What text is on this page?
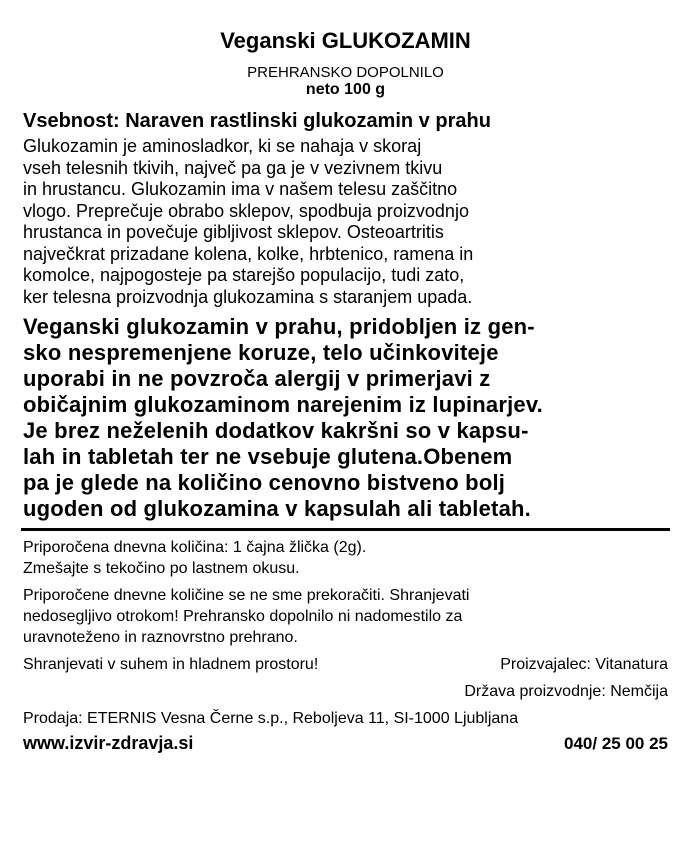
Veganski GLUKOZAMIN
PREHRANSKO DOPOLNILO
neto 100 g
Vsebnost: Naraven rastlinski glukozamin v prahu

Glukozamin je aminosladkor, ki se nahaja v skoraj

vseh telesnih tkivih, največ pa ga je v vezivnem tkivu

in hrustancu. Glukozamin ima v našem telesu zaščitno

vlogo. Preprečuje obrabo sklepov, spodbuja proizvodnjo

hrustanca in povečuje gibljivost sklepov. Osteoartritis

največkrat prizadane kolena, kolke, hrbtenico, ramena in

komolce, najpogosteje pa starejšo populacijo, tudi zato,

ker telesna proizvodnja glukozamina s staranjem upada.

Veganski glukozamin v prahu, pridobljen iz gen-

sko nespremenjene koruze, telo učinkoviteje

uporabi in ne povzroča alergij v primerjavi z

običajnim glukozaminom narejenim iz lupinarjev.

Je brez neželenih dodatkov kakršni so v kapsu-

lah in tabletah ter ne vsebuje glutena.Obenem

pa je glede na količino cenovno bistveno bolj

ugoden od glukozamina v kapsulah ali tabletah.

Priporočena dnevna količina: 1 čajna žlička (2g).
Zmešajte s tekočino po lastnem okusu.

Priporočene dnevne količine se ne sme prekoračiti. Shranjevati

nedosegljivo otrokom! Prehransko dopolnilo ni nadomestilo za

uravnoteženo in raznovrstno prehrano.

Shranjevati v suhem in hladnem prostoru!	Proizvajalec: Vitanatura
Država proizvodnje: Nemčija
Prodaja: ETERNIS Vesna Černe s.p., Reboljeva 11, SI-1000 Ljubljana
www.izvir-zdravja.si	040/ 25 00 25
